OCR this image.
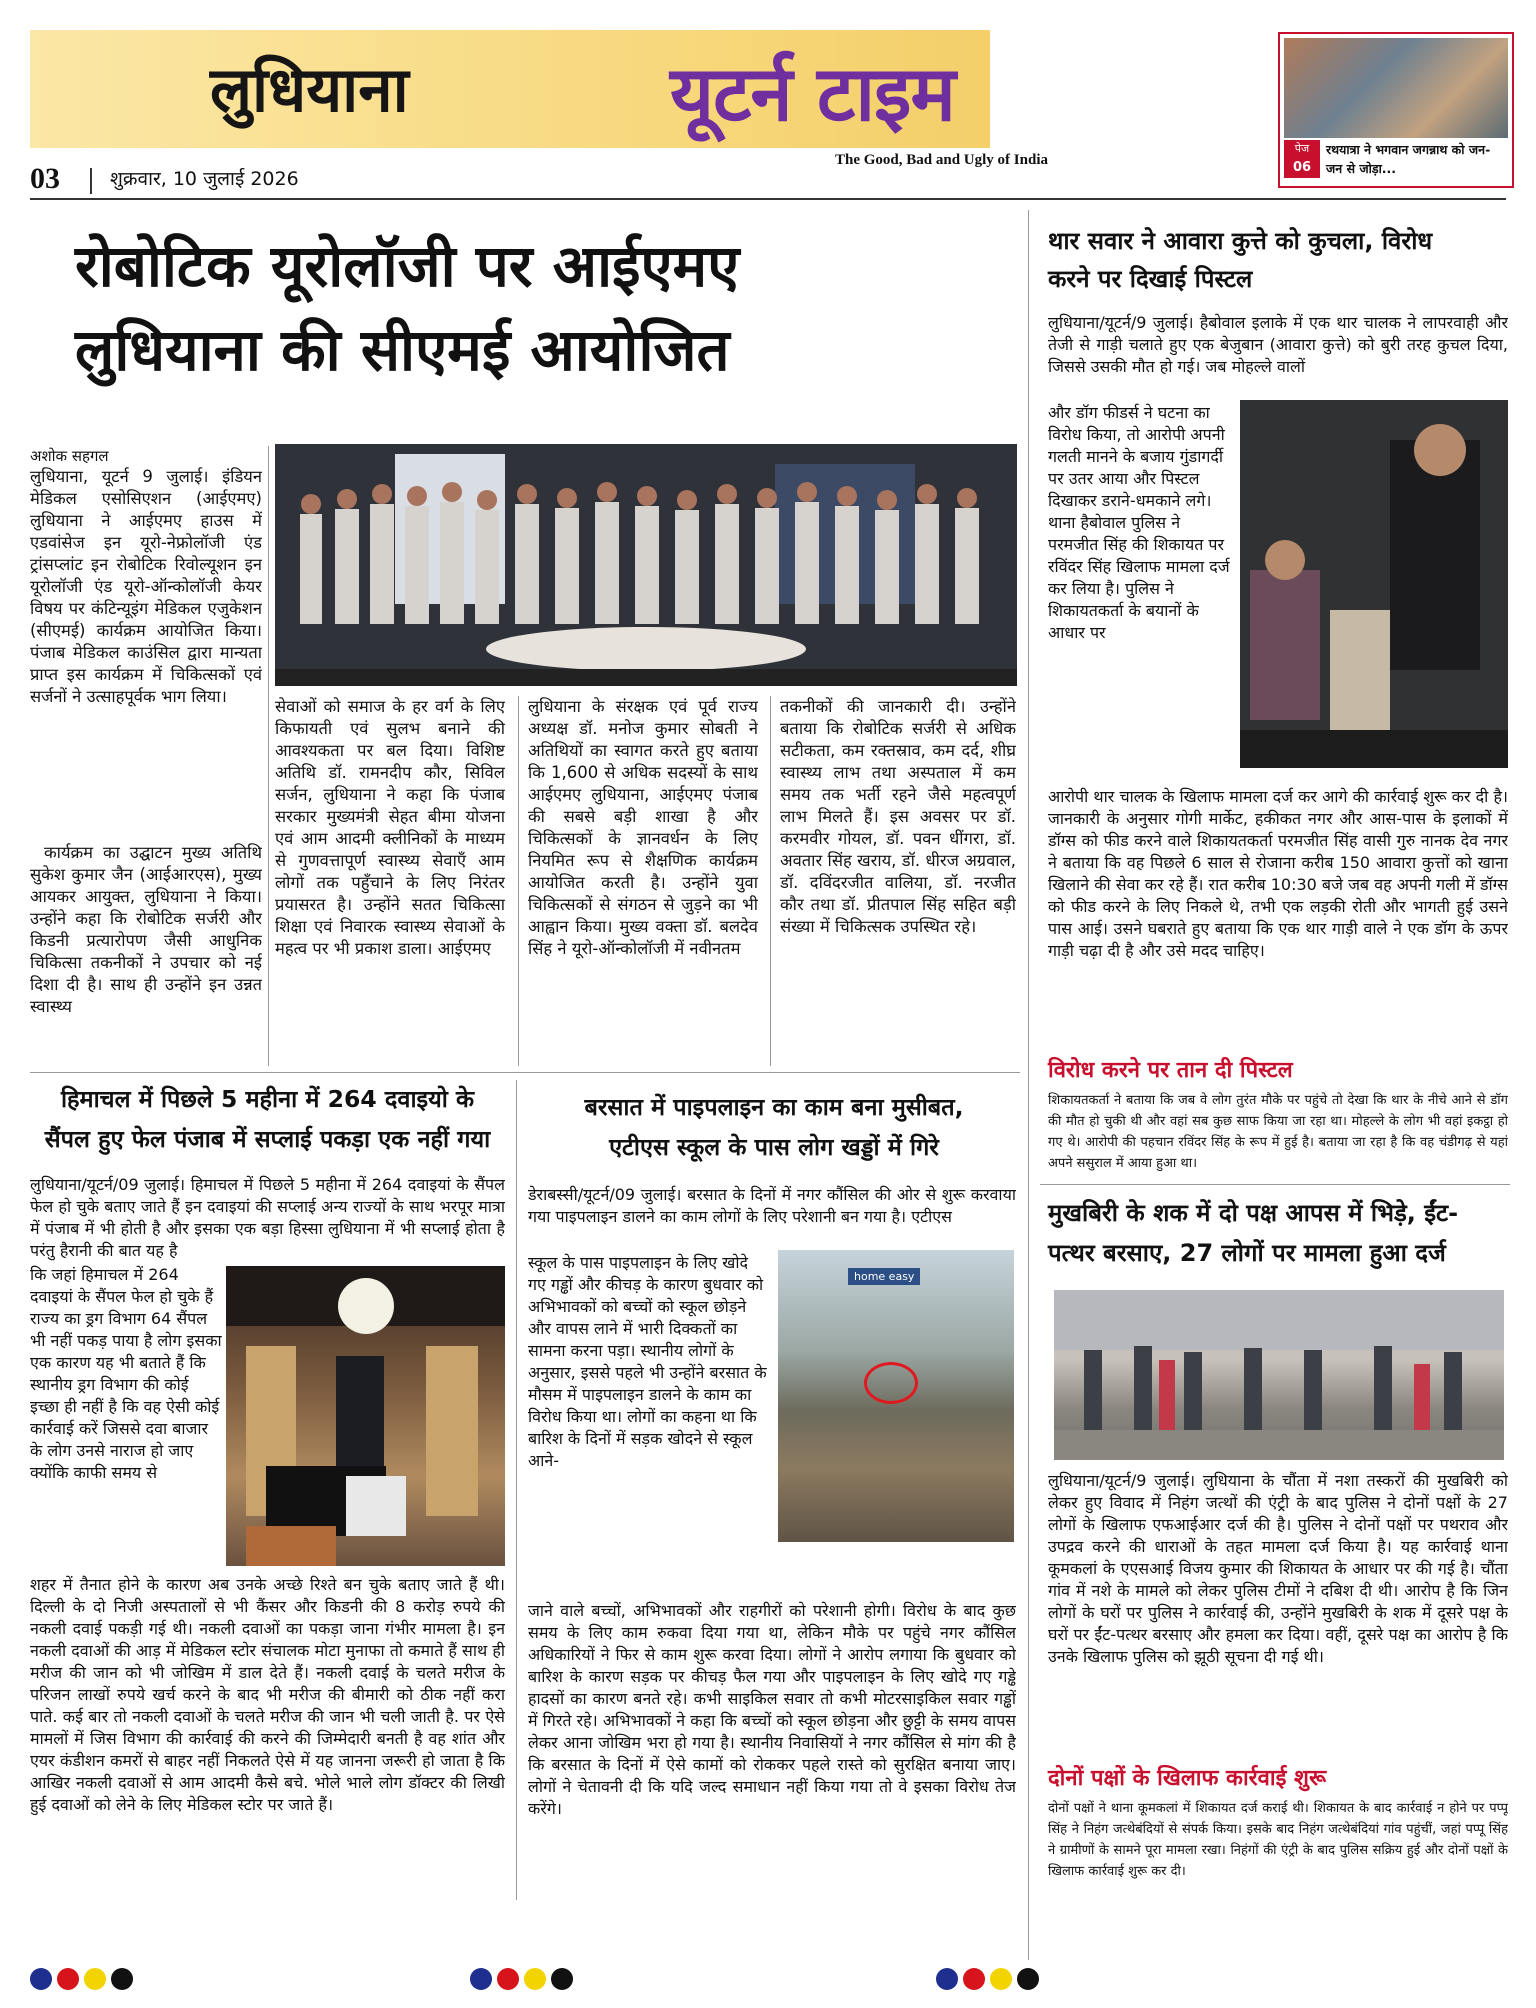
लुधियाना	यूटर्न टाइम
The Good, Bad and Ugly of India
03	शुक्रवार, 10 जुलाई 2026
पेज
06
रथयात्रा ने भगवान जगन्नाथ को जन-जन से जोड़ा...
रोबोटिक यूरोलॉजी पर आईएमए
लुधियाना की सीएमई आयोजित
अशोक सहगल
लुधियाना, यूटर्न 9 जुलाई। इंडियन मेडिकल एसोसिएशन (आईएमए) लुधियाना ने आईएमए हाउस में एडवांसेज इन यूरो-नेफ्रोलॉजी एंड ट्रांसप्लांट इन रोबोटिक रिवोल्यूशन इन यूरोलॉजी एंड यूरो-ऑन्कोलॉजी केयर विषय पर कंटिन्यूइंग मेडिकल एजुकेशन (सीएमई) कार्यक्रम आयोजित किया। पंजाब मेडिकल काउंसिल द्वारा मान्यता प्राप्त इस कार्यक्रम में चिकित्सकों एवं सर्जनों ने उत्साहपूर्वक भाग लिया।
कार्यक्रम का उद्घाटन मुख्य अतिथि सुकेश कुमार जैन (आईआरएस), मुख्य आयकर आयुक्त, लुधियाना ने किया। उन्होंने कहा कि रोबोटिक सर्जरी और किडनी प्रत्यारोपण जैसी आधुनिक चिकित्सा तकनीकों ने उपचार को नई दिशा दी है। साथ ही उन्होंने इन उन्नत स्वास्थ्य
सेवाओं को समाज के हर वर्ग के लिए किफायती एवं सुलभ बनाने की आवश्यकता पर बल दिया। विशिष्ट अतिथि डॉ. रामनदीप कौर, सिविल सर्जन, लुधियाना ने कहा कि पंजाब सरकार मुख्यमंत्री सेहत बीमा योजना एवं आम आदमी क्लीनिकों के माध्यम से गुणवत्तापूर्ण स्वास्थ्य सेवाएँ आम लोगों तक पहुँचाने के लिए निरंतर प्रयासरत है। उन्होंने सतत चिकित्सा शिक्षा एवं निवारक स्वास्थ्य सेवाओं के महत्व पर भी प्रकाश डाला। आईएमए
लुधियाना के संरक्षक एवं पूर्व राज्य अध्यक्ष डॉ. मनोज कुमार सोबती ने अतिथियों का स्वागत करते हुए बताया कि 1,600 से अधिक सदस्यों के साथ आईएमए लुधियाना, आईएमए पंजाब की सबसे बड़ी शाखा है और चिकित्सकों के ज्ञानवर्धन के लिए नियमित रूप से शैक्षणिक कार्यक्रम आयोजित करती है। उन्होंने युवा चिकित्सकों से संगठन से जुड़ने का भी आह्वान किया। मुख्य वक्ता डॉ. बलदेव सिंह ने यूरो-ऑन्कोलॉजी में नवीनतम
तकनीकों की जानकारी दी। उन्होंने बताया कि रोबोटिक सर्जरी से अधिक सटीकता, कम रक्तस्राव, कम दर्द, शीघ्र स्वास्थ्य लाभ तथा अस्पताल में कम समय तक भर्ती रहने जैसे महत्वपूर्ण लाभ मिलते हैं। इस अवसर पर डॉ. करमवीर गोयल, डॉ. पवन धींगरा, डॉ. अवतार सिंह खराय, डॉ. धीरज अग्रवाल, डॉ. दविंदरजीत वालिया, डॉ. नरजीत कौर तथा डॉ. प्रीतपाल सिंह सहित बड़ी संख्या में चिकित्सक उपस्थित रहे।
हिमाचल में पिछले 5 महीना में 264 दवाइयो के
सैंपल हुए फेल पंजाब में सप्लाई पकड़ा एक नहीं गया
लुधियाना/यूटर्न/09 जुलाई। हिमाचल में पिछले 5 महीना में 264 दवाइयां के सैंपल फेल हो चुके बताए जाते हैं इन दवाइयां की सप्लाई अन्य राज्यों के साथ भरपूर मात्रा में पंजाब में भी होती है और इसका एक बड़ा हिस्सा लुधियाना में भी सप्लाई होता है परंतु हैरानी की बात यह है
कि जहां हिमाचल में 264 दवाइयां के सैंपल फेल हो चुके हैं राज्य का ड्रग विभाग 64 सैंपल भी नहीं पकड़ पाया है लोग इसका एक कारण यह भी बताते हैं कि स्थानीय ड्रग विभाग की कोई इच्छा ही नहीं है कि वह ऐसी कोई कार्रवाई करें जिससे दवा बाजार के लोग उनसे नाराज हो जाए क्योंकि काफी समय से
शहर में तैनात होने के कारण अब उनके अच्छे रिश्ते बन चुके बताए जाते हैं थी। दिल्ली के दो निजी अस्पतालों से भी कैंसर और किडनी की 8 करोड़ रुपये की नकली दवाई पकड़ी गई थी। नकली दवाओं का पकड़ा जाना गंभीर मामला है। इन नकली दवाओं की आड़ में मेडिकल स्टोर संचालक मोटा मुनाफा तो कमाते हैं साथ ही मरीज की जान को भी जोखिम में डाल देते हैं। नकली दवाई के चलते मरीज के परिजन लाखों रुपये खर्च करने के बाद भी मरीज की बीमारी को ठीक नहीं करा पाते. कई बार तो नकली दवाओं के चलते मरीज की जान भी चली जाती है. पर ऐसे मामलों में जिस विभाग की कार्रवाई की करने की जिम्मेदारी बनती है वह शांत और एयर कंडीशन कमरों से बाहर नहीं निकलते ऐसे में यह जानना जरूरी हो जाता है कि आखिर नकली दवाओं से आम आदमी कैसे बचे. भोले भाले लोग डॉक्टर की लिखी हुई दवाओं को लेने के लिए मेडिकल स्टोर पर जाते हैं।
बरसात में पाइपलाइन का काम बना मुसीबत,
एटीएस स्कूल के पास लोग खड्डों में गिरे
डेराबस्सी/यूटर्न/09 जुलाई। बरसात के दिनों में नगर कौंसिल की ओर से शुरू करवाया गया पाइपलाइन डालने का काम लोगों के लिए परेशानी बन गया है। एटीएस
स्कूल के पास पाइपलाइन के लिए खोदे गए गड्ढों और कीचड़ के कारण बुधवार को अभिभावकों को बच्चों को स्कूल छोड़ने और वापस लाने में भारी दिक्कतों का सामना करना पड़ा। स्थानीय लोगों के अनुसार, इससे पहले भी उन्होंने बरसात के मौसम में पाइपलाइन डालने के काम का विरोध किया था। लोगों का कहना था कि बारिश के दिनों में सड़क खोदने से स्कूल आने-
home easy
जाने वाले बच्चों, अभिभावकों और राहगीरों को परेशानी होगी। विरोध के बाद कुछ समय के लिए काम रुकवा दिया गया था, लेकिन मौके पर पहुंचे नगर कौंसिल अधिकारियों ने फिर से काम शुरू करवा दिया। लोगों ने आरोप लगाया कि बुधवार को बारिश के कारण सड़क पर कीचड़ फैल गया और पाइपलाइन के लिए खोदे गए गड्ढे हादसों का कारण बनते रहे। कभी साइकिल सवार तो कभी मोटरसाइकिल सवार गड्ढों में गिरते रहे। अभिभावकों ने कहा कि बच्चों को स्कूल छोड़ना और छुट्टी के समय वापस लेकर आना जोखिम भरा हो गया है। स्थानीय निवासियों ने नगर कौंसिल से मांग की है कि बरसात के दिनों में ऐसे कामों को रोककर पहले रास्ते को सुरक्षित बनाया जाए। लोगों ने चेतावनी दी कि यदि जल्द समाधान नहीं किया गया तो वे इसका विरोध तेज करेंगे।
थार सवार ने आवारा कुत्ते को कुचला, विरोध
करने पर दिखाई पिस्टल
लुधियाना/यूटर्न/9 जुलाई। हैबोवाल इलाके में एक थार चालक ने लापरवाही और तेजी से गाड़ी चलाते हुए एक बेजुबान (आवारा कुत्ते) को बुरी तरह कुचल दिया, जिससे उसकी मौत हो गई। जब मोहल्ले वालों
और डॉग फीडर्स ने घटना का विरोध किया, तो आरोपी अपनी गलती मानने के बजाय गुंडागर्दी पर उतर आया और पिस्टल दिखाकर डराने-धमकाने लगे। थाना हैबोवाल पुलिस ने परमजीत सिंह की शिकायत पर रविंदर सिंह खिलाफ मामला दर्ज कर लिया है। पुलिस ने शिकायतकर्ता के बयानों के आधार पर
आरोपी थार चालक के खिलाफ मामला दर्ज कर आगे की कार्रवाई शुरू कर दी है। जानकारी के अनुसार गोगी मार्केट, हकीकत नगर और आस-पास के इलाकों में डॉग्स को फीड करने वाले शिकायतकर्ता परमजीत सिंह वासी गुरु नानक देव नगर ने बताया कि वह पिछले 6 साल से रोजाना करीब 150 आवारा कुत्तों को खाना खिलाने की सेवा कर रहे हैं। रात करीब 10:30 बजे जब वह अपनी गली में डॉग्स को फीड करने के लिए निकले थे, तभी एक लड़की रोती और भागती हुई उसने पास आई। उसने घबराते हुए बताया कि एक थार गाड़ी वाले ने एक डॉग के ऊपर गाड़ी चढ़ा दी है और उसे मदद चाहिए।
विरोध करने पर तान दी पिस्टल
शिकायतकर्ता ने बताया कि जब वे लोग तुरंत मौके पर पहुंचे तो देखा कि थार के नीचे आने से डॉग की मौत हो चुकी थी और वहां सब कुछ साफ किया जा रहा था। मोहल्ले के लोग भी वहां इकट्ठा हो गए थे। आरोपी की पहचान रविंदर सिंह के रूप में हुई है। बताया जा रहा है कि वह चंडीगढ़ से यहां अपने ससुराल में आया हुआ था।
मुखबिरी के शक में दो पक्ष आपस में भिड़े, ईंट-
पत्थर बरसाए, 27 लोगों पर मामला हुआ दर्ज
लुधियाना/यूटर्न/9 जुलाई। लुधियाना के चौंता में नशा तस्करों की मुखबिरी को लेकर हुए विवाद में निहंग जत्थों की एंट्री के बाद पुलिस ने दोनों पक्षों के 27 लोगों के खिलाफ एफआईआर दर्ज की है। पुलिस ने दोनों पक्षों पर पथराव और उपद्रव करने की धाराओं के तहत मामला दर्ज किया है। यह कार्रवाई थाना कूमकलां के एएसआई विजय कुमार की शिकायत के आधार पर की गई है। चौंता गांव में नशे के मामले को लेकर पुलिस टीमों ने दबिश दी थी। आरोप है कि जिन लोगों के घरों पर पुलिस ने कार्रवाई की, उन्होंने मुखबिरी के शक में दूसरे पक्ष के घरों पर ईंट-पत्थर बरसाए और हमला कर दिया। वहीं, दूसरे पक्ष का आरोप है कि उनके खिलाफ पुलिस को झूठी सूचना दी गई थी।
दोनों पक्षों के खिलाफ कार्रवाई शुरू
दोनों पक्षों ने थाना कूमकलां में शिकायत दर्ज कराई थी। शिकायत के बाद कार्रवाई न होने पर पप्पू सिंह ने निहंग जत्थेबंदियों से संपर्क किया। इसके बाद निहंग जत्थेबंदियां गांव पहुंचीं, जहां पप्पू सिंह ने ग्रामीणों के सामने पूरा मामला रखा। निहंगों की एंट्री के बाद पुलिस सक्रिय हुई और दोनों पक्षों के खिलाफ कार्रवाई शुरू कर दी।
